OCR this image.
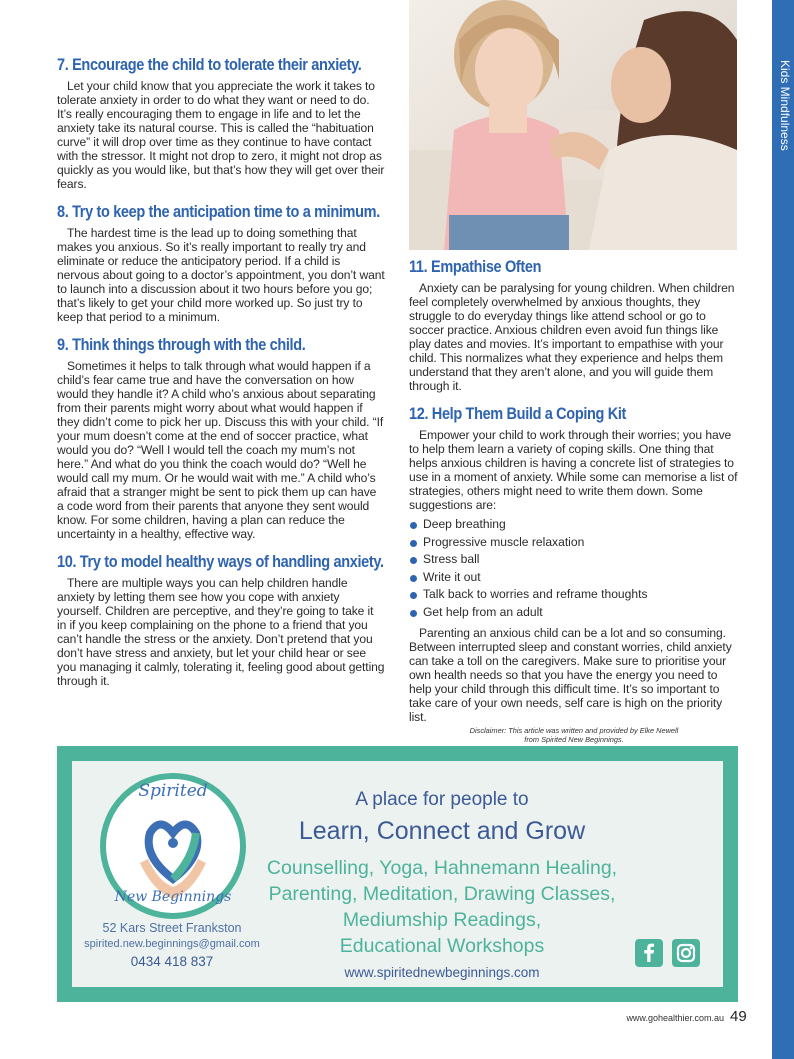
Kids Mindfulness
7. Encourage the child to tolerate their anxiety.

Let your child know that you appreciate the work it takes to tolerate anxiety in order to do what they want or need to do. It’s really encouraging them to engage in life and to let the anxiety take its natural course. This is called the “habituation curve” it will drop over time as they continue to have contact with the stressor. It might not drop to zero, it might not drop as quickly as you would like, but that’s how they will get over their fears.

8. Try to keep the anticipation time to a minimum.

The hardest time is the lead up to doing something that makes you anxious. So it’s really important to really try and eliminate or reduce the anticipatory period. If a child is nervous about going to a doctor’s appointment, you don’t want to launch into a discussion about it two hours before you go; that’s likely to get your child more worked up. So just try to keep that period to a minimum.

9. Think things through with the child.

Sometimes it helps to talk through what would happen if a child’s fear came true and have the conversation on how would they handle it? A child who’s anxious about separating from their parents might worry about what would happen if they didn’t come to pick her up. Discuss this with your child. “If your mum doesn’t come at the end of soccer practice, what would you do? “Well I would tell the coach my mum’s not here.” And what do you think the coach would do? “Well he would call my mum. Or he would wait with me.” A child who’s afraid that a stranger might be sent to pick them up can have a code word from their parents that anyone they sent would know. For some children, having a plan can reduce the uncertainty in a healthy, effective way.

10. Try to model healthy ways of handling anxiety.

There are multiple ways you can help children handle anxiety by letting them see how you cope with anxiety yourself. Children are perceptive, and they’re going to take it in if you keep complaining on the phone to a friend that you can’t handle the stress or the anxiety. Don’t pretend that you don’t have stress and anxiety, but let your child hear or see you managing it calmly, tolerating it, feeling good about getting through it.

11. Empathise Often

Anxiety can be paralysing for young children. When children feel completely overwhelmed by anxious thoughts, they struggle to do everyday things like attend school or go to soccer practice. Anxious children even avoid fun things like play dates and movies. It’s important to empathise with your child. This normalizes what they experience and helps them understand that they aren’t alone, and you will guide them through it.

12. Help Them Build a Coping Kit

Empower your child to work through their worries; you have to help them learn a variety of coping skills. One thing that helps anxious children is having a concrete list of strategies to use in a moment of anxiety. While some can memorise a list of strategies, others might need to write them down. Some suggestions are:

Deep breathing
Progressive muscle relaxation
Stress ball
Write it out
Talk back to worries and reframe thoughts
Get help from an adult

Parenting an anxious child can be a lot and so consuming. Between interrupted sleep and constant worries, child anxiety can take a toll on the caregivers. Make sure to prioritise your own health needs so that you have the energy you need to help your child through this difficult time. It’s so important to take care of your own needs, self care is high on the priority list.

Disclaimer: This article was written and provided by Elke Newell
from Spirited New Beginnings.
Spirited
New Beginnings
52 Kars Street Frankston
spirited.new.beginnings@gmail.com
0434 418 837
A place for people to
Learn, Connect and Grow
Counselling, Yoga, Hahnemann Healing,
Parenting, Meditation, Drawing Classes,
Mediumship Readings,
Educational Workshops
www.spiritednewbeginnings.com
www.gohealthier.com.au 49
